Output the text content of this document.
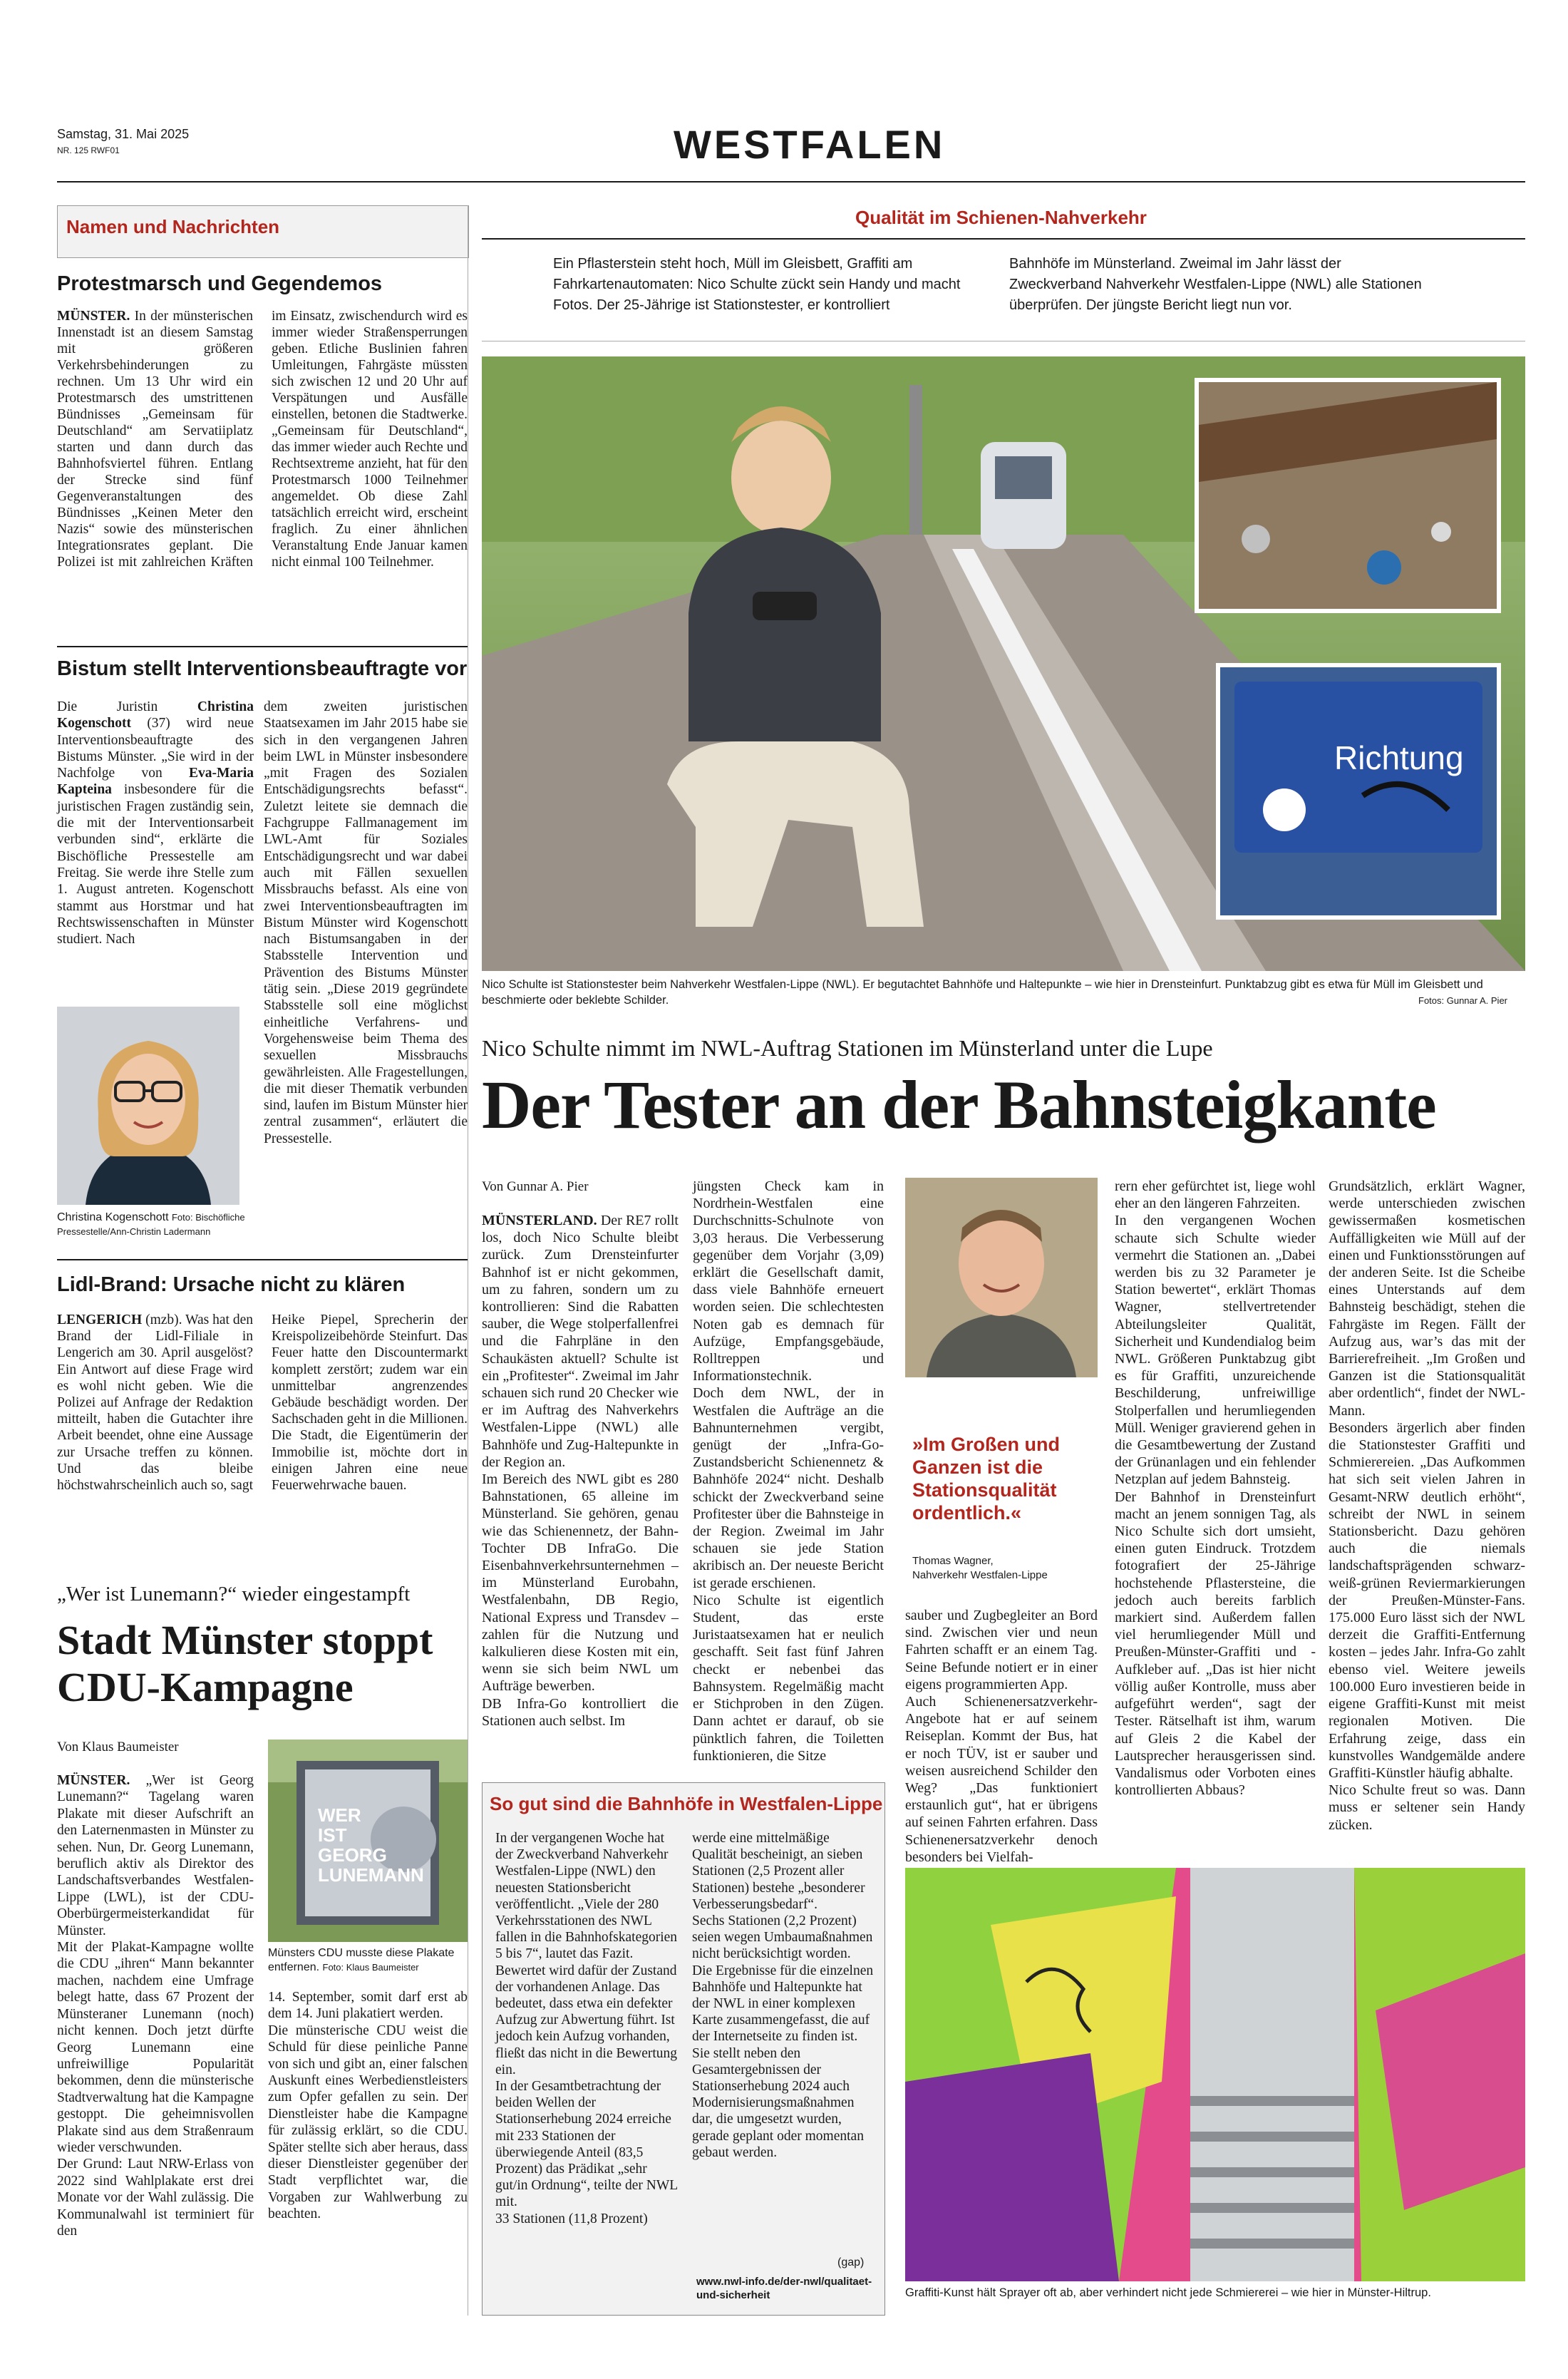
Samstag, 31. Mai 2025
NR. 125 RWF01	WESTFALEN
Namen und Nachrichten
Protestmarsch und Gegendemos
MÜNSTER. In der münsterischen Innenstadt ist an diesem Samstag mit größeren Verkehrsbehinderungen zu rechnen. Um 13 Uhr wird ein Protestmarsch des umstrittenen Bündnisses „Gemeinsam für Deutschland“ am Servatiiplatz starten und dann durch das Bahnhofsviertel führen. Entlang der Strecke sind fünf Gegenveranstaltungen des Bündnisses „Keinen Meter den Nazis“ sowie des münsterischen Integrationsrates geplant. Die Polizei ist mit zahlreichen Kräften im Einsatz, zwischendurch wird es immer wieder Straßensperrungen geben. Etliche Buslinien fahren Umleitungen, Fahrgäste müssten sich zwischen 12 und 20 Uhr auf Verspätungen und Ausfälle einstellen, betonen die Stadtwerke. „Gemeinsam für Deutschland“, das immer wieder auch Rechte und Rechtsextreme anzieht, hat für den Protestmarsch 1000 Teilnehmer angemeldet. Ob diese Zahl tatsächlich erreicht wird, erscheint fraglich. Zu einer ähnlichen Veranstaltung Ende Januar kamen nicht einmal 100 Teilnehmer.
Bistum stellt Interventionsbeauftragte vor
Die Juristin Christina Kogenschott (37) wird neue Interventionsbeauftragte des Bistums Münster. „Sie wird in der Nachfolge von Eva-Maria Kapteina insbesondere für die juristischen Fragen zuständig sein, die mit der Interventionsarbeit verbunden sind“, erklärte die Bischöfliche Pressestelle am Freitag. Sie werde ihre Stelle zum 1. August antreten. Kogenschott stammt aus Horstmar und hat Rechtswissenschaften in Münster studiert. Nach
dem zweiten juristischen Staatsexamen im Jahr 2015 habe sie sich in den vergangenen Jahren beim LWL in Münster insbesondere „mit Fragen des Sozialen Entschädigungsrechts befasst“. Zuletzt leitete sie demnach die Fachgruppe Fallmanagement im LWL-Amt für Soziales Entschädigungsrecht und war dabei auch mit Fällen sexuellen Missbrauchs befasst. Als eine von zwei Interventionsbeauftragten im Bistum Münster wird Kogenschott nach Bistumsangaben in der Stabsstelle Intervention und Prävention des Bistums Münster tätig sein. „Diese 2019 gegründete Stabsstelle soll eine möglichst einheitliche Verfahrens- und Vorgehensweise beim Thema des sexuellen Missbrauchs gewährleisten. Alle Fragestellungen, die mit dieser Thematik verbunden sind, laufen im Bistum Münster hier zentral zusammen“, erläutert die Pressestelle.
Christina Kogenschott Foto: Bischöfliche Pressestelle/Ann-Christin Ladermann
Lidl-Brand: Ursache nicht zu klären
LENGERICH (mzb). Was hat den Brand der Lidl-Filiale in Lengerich am 30. April ausgelöst? Ein Antwort auf diese Frage wird es wohl nicht geben. Wie die Polizei auf Anfrage der Redaktion mitteilt, haben die Gutachter ihre Arbeit beendet, ohne eine Aussage zur Ursache treffen zu können. Und das bleibe höchstwahrscheinlich auch so, sagt Heike Piepel, Sprecherin der Kreispolizeibehörde Steinfurt. Das Feuer hatte den Discountermarkt komplett zerstört; zudem war ein unmittelbar angrenzendes Gebäude beschädigt worden. Der Sachschaden geht in die Millionen. Die Stadt, die Eigentümerin der Immobilie ist, möchte dort in einigen Jahren eine neue Feuerwehrwache bauen.
„Wer ist Lunemann?“ wieder eingestampft
Stadt Münster stoppt CDU-Kampagne
Von Klaus Baumeister
MÜNSTER. „Wer ist Georg Lunemann?“ Tagelang waren Plakate mit dieser Aufschrift an den Laternenmasten in Münster zu sehen. Nun, Dr. Georg Lunemann, beruflich aktiv als Direktor des Landschaftsverbandes Westfalen-Lippe (LWL), ist der CDU-Oberbürgermeisterkandidat für Münster.
Mit der Plakat-Kampagne wollte die CDU „ihren“ Mann bekannter machen, nachdem eine Umfrage belegt hatte, dass 67 Prozent der Münsteraner Lunemann (noch) nicht kennen. Doch jetzt dürfte Georg Lunemann eine unfreiwillige Popularität bekommen, denn die münsterische Stadtverwaltung hat die Kampagne gestoppt. Die geheimnisvollen Plakate sind aus dem Straßenraum wieder verschwunden.
Der Grund: Laut NRW-Erlass von 2022 sind Wahlplakate erst drei Monate vor der Wahl zulässig. Die Kommunalwahl ist terminiert für den
WER
IST
GEORG
LUNEMANN
Münsters CDU musste diese Plakate entfernen. Foto: Klaus Baumeister
14. September, somit darf erst ab dem 14. Juni plakatiert werden.
Die münsterische CDU weist die Schuld für diese peinliche Panne von sich und gibt an, einer falschen Auskunft eines Werbedienstleisters zum Opfer gefallen zu sein. Der Dienstleister habe die Kampagne für zulässig erklärt, so die CDU. Später stellte sich aber heraus, dass dieser Dienstleister gegenüber der Stadt verpflichtet war, die Vorgaben zur Wahlwerbung zu beachten.
Qualität im Schienen-Nahverkehr
Ein Pflasterstein steht hoch, Müll im Gleisbett, Graffiti am Fahrkartenautomaten: Nico Schulte zückt sein Handy und macht Fotos. Der 25-Jährige ist Stationstester, er kontrolliert
Bahnhöfe im Münsterland. Zweimal im Jahr lässt der Zweckverband Nahverkehr Westfalen-Lippe (NWL) alle Stationen überprüfen. Der jüngste Bericht liegt nun vor.
Richtung
Nico Schulte ist Stationstester beim Nahverkehr Westfalen-Lippe (NWL). Er begutachtet Bahnhöfe und Haltepunkte – wie hier in Drensteinfurt. Punktabzug gibt es etwa für Müll im Gleisbett und beschmierte oder beklebte Schilder.	Fotos: Gunnar A. Pier
Nico Schulte nimmt im NWL-Auftrag Stationen im Münsterland unter die Lupe
Der Tester an der Bahnsteigkante
Von Gunnar A. Pier
MÜNSTERLAND. Der RE7 rollt los, doch Nico Schulte bleibt zurück. Zum Drensteinfurter Bahnhof ist er nicht gekommen, um zu fahren, sondern um zu kontrollieren: Sind die Rabatten sauber, die Wege stolperfallenfrei und die Fahrpläne in den Schaukästen aktuell? Schulte ist ein „Profitester“. Zweimal im Jahr schauen sich rund 20 Checker wie er im Auftrag des Nahverkehrs Westfalen-Lippe (NWL) alle Bahnhöfe und Zug-Haltepunkte in der Region an.
Im Bereich des NWL gibt es 280 Bahnstationen, 65 alleine im Münsterland. Sie gehören, genau wie das Schienennetz, der Bahn-Tochter DB InfraGo. Die Eisenbahnverkehrsunternehmen – im Münsterland Eurobahn, Westfalenbahn, DB Regio, National Express und Transdev – zahlen für die Nutzung und kalkulieren diese Kosten mit ein, wenn sie sich beim NWL um Aufträge bewerben.
DB Infra-Go kontrolliert die Stationen auch selbst. Im
jüngsten Check kam in Nordrhein-Westfalen eine Durchschnitts-Schulnote von 3,03 heraus. Die Verbesserung gegenüber dem Vorjahr (3,09) erklärt die Gesellschaft damit, dass viele Bahnhöfe erneuert worden seien. Die schlechtesten Noten gab es demnach für Aufzüge, Empfangsgebäude, Rolltreppen und Informationstechnik.
Doch dem NWL, der in Westfalen die Aufträge an die Bahnunternehmen vergibt, genügt der „Infra-Go-Zustandsbericht Schienennetz & Bahnhöfe 2024“ nicht. Deshalb schickt der Zweckverband seine Profitester über die Bahnsteige in der Region. Zweimal im Jahr schauen sie jede Station akribisch an. Der neueste Bericht ist gerade erschienen.
Nico Schulte ist eigentlich Student, das erste Juristaatsexamen hat er neulich geschafft. Seit fast fünf Jahren checkt er nebenbei das Bahnsystem. Regelmäßig macht er Stichproben in den Zügen. Dann achtet er darauf, ob sie pünktlich fahren, die Toiletten funktionieren, die Sitze
»Im Großen und Ganzen ist die Stationsqualität ordentlich.«
Thomas Wagner,
Nahverkehr Westfalen-Lippe
sauber und Zugbegleiter an Bord sind. Zwischen vier und neun Fahrten schafft er an einem Tag. Seine Befunde notiert er in einer eigens programmierten App.
Auch Schienenersatzverkehr-Angebote hat er auf seinem Reiseplan. Kommt der Bus, hat er noch TÜV, ist er sauber und weisen ausreichend Schilder den Weg? „Das funktioniert erstaunlich gut“, hat er übrigens auf seinen Fahrten erfahren. Dass Schienenersatzverkehr denoch besonders bei Vielfah-
rern eher gefürchtet ist, liege wohl eher an den längeren Fahrzeiten.
In den vergangenen Wochen schaute sich Schulte wieder vermehrt die Stationen an. „Dabei werden bis zu 32 Parameter je Station bewertet“, erklärt Thomas Wagner, stellvertretender Abteilungsleiter Qualität, Sicherheit und Kundendialog beim NWL. Größeren Punktabzug gibt es für Graffiti, unzureichende Beschilderung, unfreiwillige Stolperfallen und herumliegenden Müll. Weniger gravierend gehen in die Gesamtbewertung der Zustand der Grünanlagen und ein fehlender Netzplan auf jedem Bahnsteig.
Der Bahnhof in Drensteinfurt macht an jenem sonnigen Tag, als Nico Schulte sich dort umsieht, einen guten Eindruck. Trotzdem fotografiert der 25-Jährige hochstehende Pflastersteine, die jedoch auch bereits farblich markiert sind. Außerdem fallen viel herumliegender Müll und Preußen-Münster-Graffiti und -Aufkleber auf. „Das ist hier nicht völlig außer Kontrolle, muss aber aufgeführt werden“, sagt der Tester. Rätselhaft ist ihm, warum auf Gleis 2 die Kabel der Lautsprecher herausgerissen sind. Vandalismus oder Vorboten eines kontrollierten Abbaus?
Grundsätzlich, erklärt Wagner, werde unterschieden zwischen gewissermaßen kosmetischen Auffälligkeiten wie Müll auf der einen und Funktionsstörungen auf der anderen Seite. Ist die Scheibe eines Unterstands auf dem Bahnsteig beschädigt, stehen die Fahrgäste im Regen. Fällt der Aufzug aus, war’s das mit der Barrierefreiheit. „Im Großen und Ganzen ist die Stationsqualität aber ordentlich“, findet der NWL-Mann.
Besonders ärgerlich aber finden die Stationstester Graffiti und Schmierereien. „Das Aufkommen hat sich seit vielen Jahren in Gesamt-NRW deutlich erhöht“, schreibt der NWL in seinem Stationsbericht. Dazu gehören auch die niemals landschaftsprägenden schwarz-weiß-grünen Reviermarkierungen der Preußen-Münster-Fans. 175.000 Euro lässt sich der NWL derzeit die Graffiti-Entfernung kosten – jedes Jahr. Infra-Go zahlt ebenso viel. Weitere jeweils 100.000 Euro investieren beide in eigene Graffiti-Kunst mit meist regionalen Motiven. Die Erfahrung zeige, dass ein kunstvolles Wandgemälde andere Graffiti-Künstler häufig abhalte.
Nico Schulte freut so was. Dann muss er seltener sein Handy zücken.
So gut sind die Bahnhöfe in Westfalen-Lippe
In der vergangenen Woche hat der Zweckverband Nahverkehr Westfalen-Lippe (NWL) den neuesten Stationsbericht veröffentlicht. „Viele der 280 Verkehrsstationen des NWL fallen in die Bahnhofskategorien 5 bis 7“, lautet das Fazit. Bewertet wird dafür der Zustand der vorhandenen Anlage. Das bedeutet, dass etwa ein defekter Aufzug zur Abwertung führt. Ist jedoch kein Aufzug vorhanden, fließt das nicht in die Bewertung ein.
In der Gesamtbetrachtung der beiden Wellen der Stationserhebung 2024 erreiche mit 233 Stationen der überwiegende Anteil (83,5 Prozent) das Prädikat „sehr gut/in Ordnung“, teilte der NWL mit.
33 Stationen (11,8 Prozent)
werde eine mittelmäßige Qualität bescheinigt, an sieben Stationen (2,5 Prozent aller Stationen) bestehe „besonderer Verbesserungsbedarf“.
Sechs Stationen (2,2 Prozent) seien wegen Umbaumaßnahmen nicht berücksichtigt worden.
Die Ergebnisse für die einzelnen Bahnhöfe und Haltepunkte hat der NWL in einer komplexen Karte zusammengefasst, die auf der Internetseite zu finden ist. Sie stellt neben den Gesamtergebnissen der Stationserhebung 2024 auch Modernisierungsmaßnahmen dar, die umgesetzt wurden, gerade geplant oder momentan gebaut werden.
(gap)
www.nwl-info.de/der-nwl/qualitaet-und-sicherheit	Graffiti-Kunst hält Sprayer oft ab, aber verhindert nicht jede Schmiererei – wie hier in Münster-Hiltrup.
